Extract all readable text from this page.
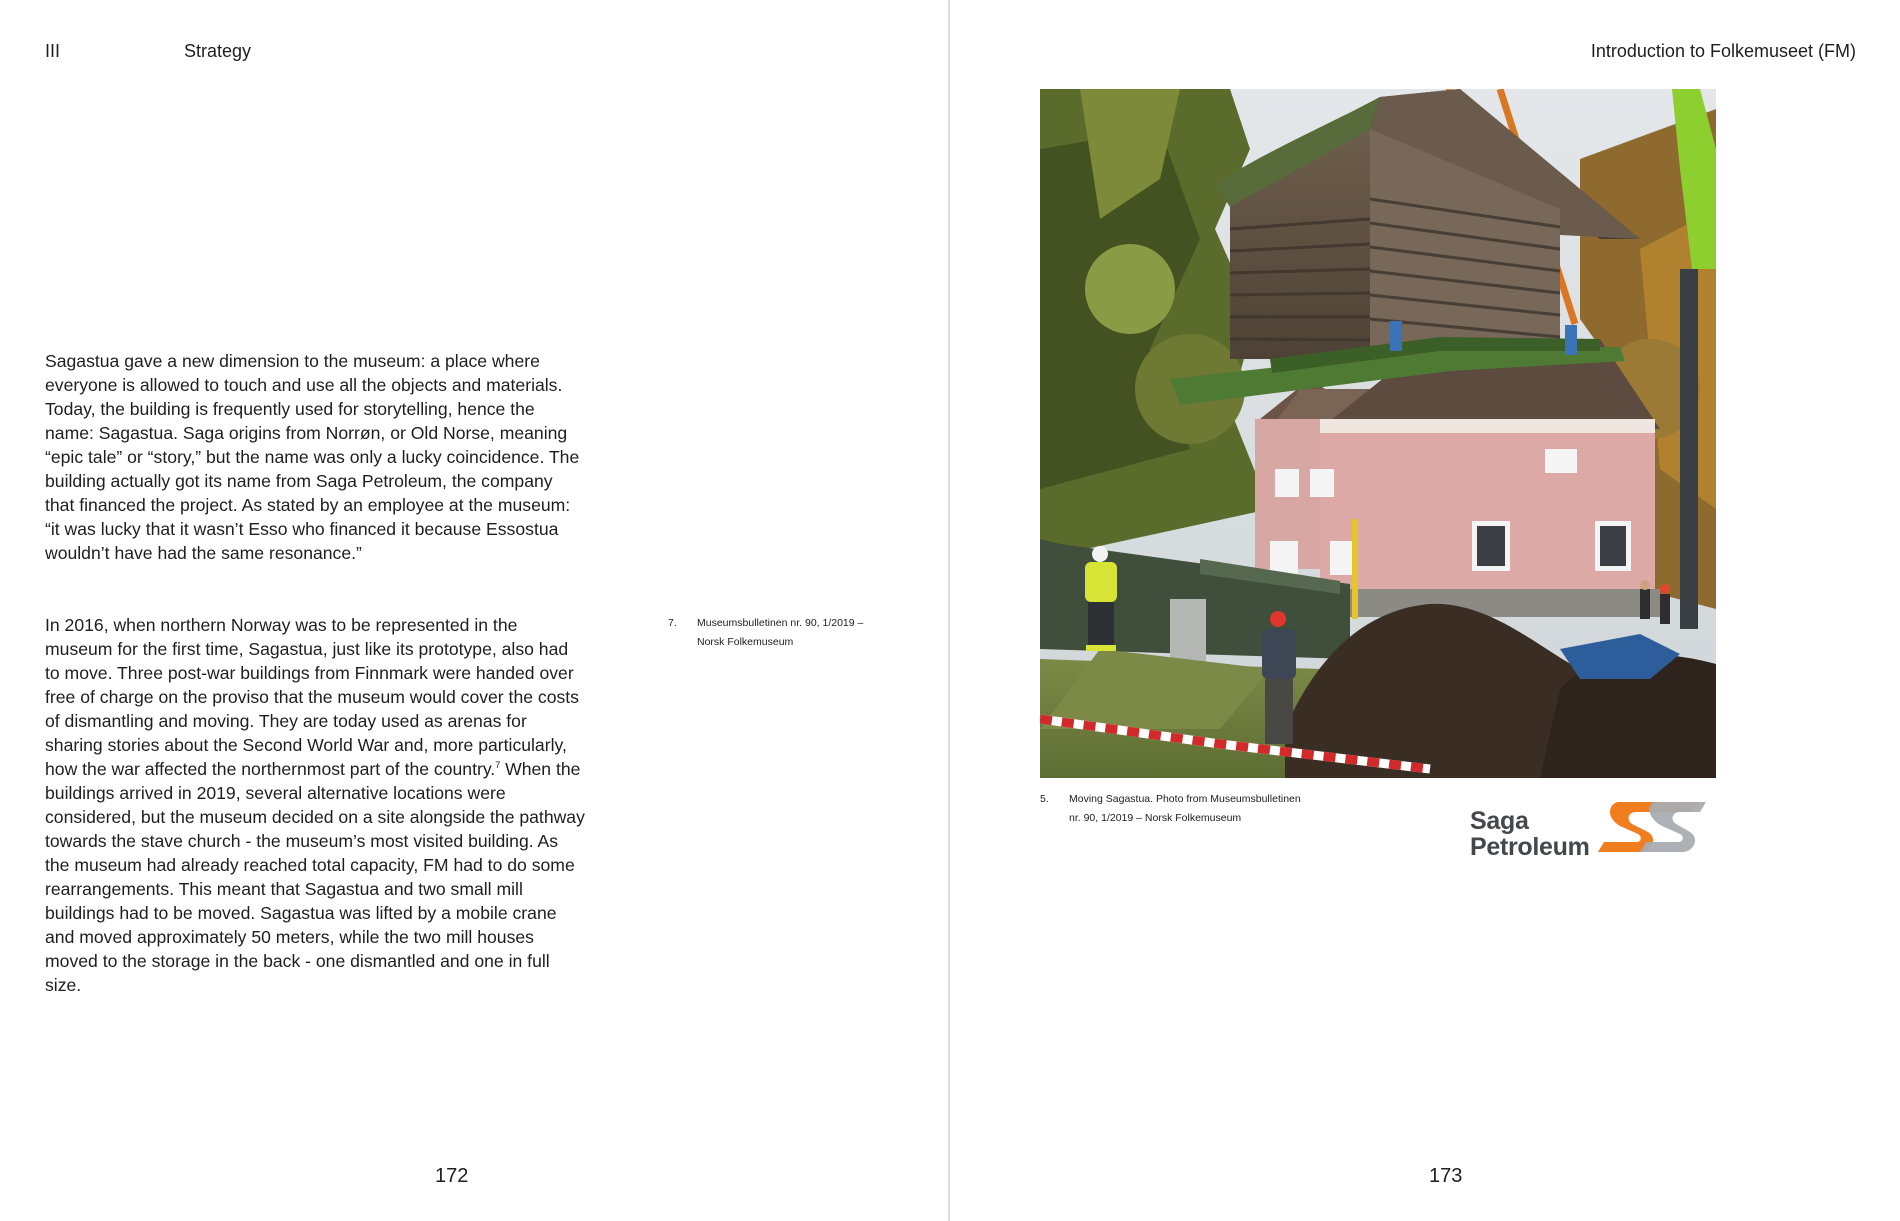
III	Strategy

Sagastua gave a new dimension to the museum: a place where everyone is allowed to touch and use all the objects and materials. Today, the building is frequently used for storytelling, hence the name: Sagastua. Saga origins from Norrøn, or Old Norse, meaning “epic tale” or “story,” but the name was only a lucky coincidence. The building actually got its name from Saga Petroleum, the company that financed the project. As stated by an employee at the museum: “it was lucky that it wasn’t Esso who financed it because Essostua wouldn’t have had the same resonance.”

In 2016, when northern Norway was to be represented in the museum for the first time, Sagastua, just like its prototype, also had to move. Three post-war buildings from Finnmark were handed over free of charge on the proviso that the museum would cover the costs of dismantling and moving. They are today used as arenas for sharing stories about the Second World War and, more particularly, how the war affected the northernmost part of the country.$^7$ When the buildings arrived in 2019, several alternative locations were considered, but the museum decided on a site alongside the pathway towards the stave church - the museum’s most visited building. As the museum had already reached total capacity, FM had to do some rearrangements. This meant that Sagastua and two small mill buildings had to be moved. Sagastua was lifted by a mobile crane and moved approximately 50 meters, while the two mill houses moved to the storage in the back - one dismantled and one in full size.

7. Museumsbulletinen nr. 90, 1/2019 – Norsk Folkemuseum
172
Introduction to Folkemuseet (FM)
5. Moving Sagastua. Photo from Museumsbulletinen nr. 90, 1/2019 – Norsk Folkemuseum	Saga
Petroleum
173
